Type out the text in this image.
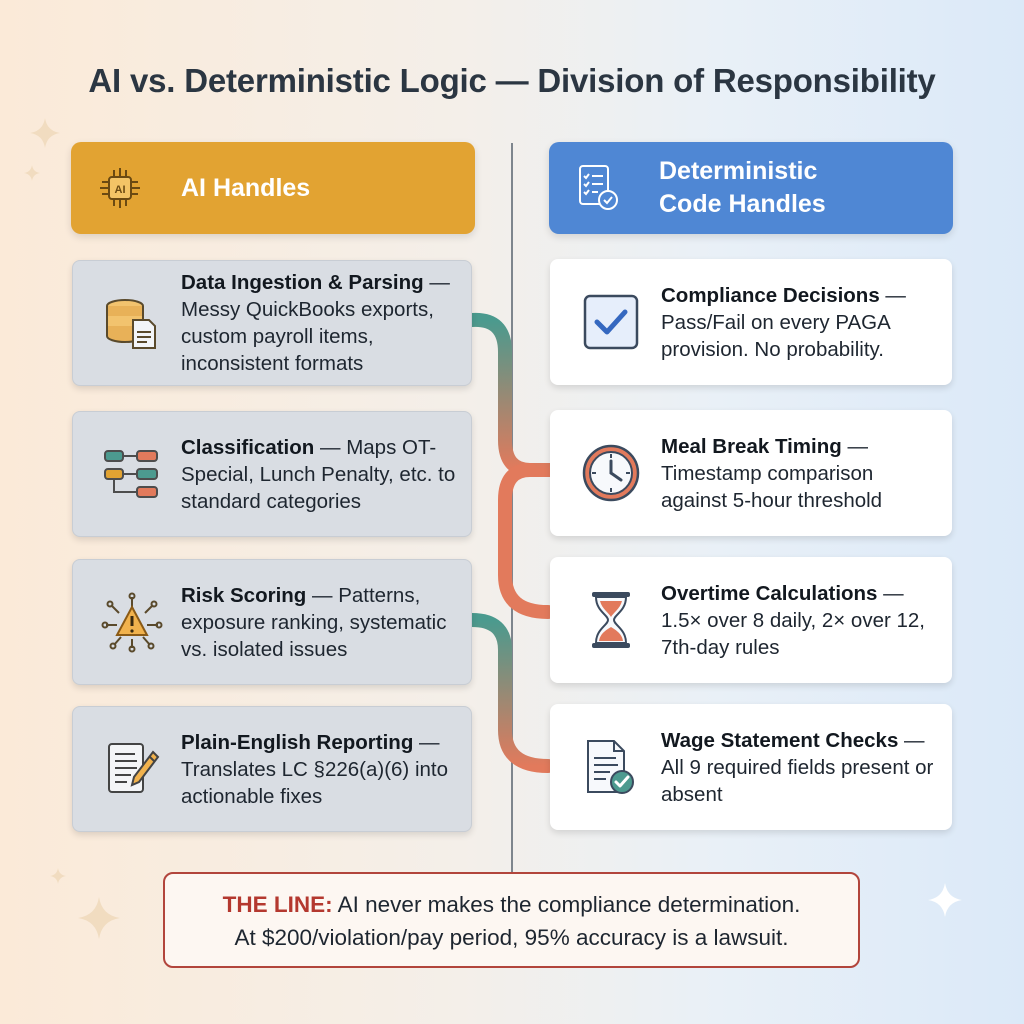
AI vs. Deterministic Logic — Division of Responsibility
AI AI Handles
Deterministic
Code Handles
Data Ingestion & Parsing — Messy QuickBooks exports, custom payroll items, inconsistent formats
Classification — Maps OT-Special, Lunch Penalty, etc. to standard categories
Risk Scoring — Patterns, exposure ranking, systematic vs. isolated issues
Plain-English Reporting — Translates LC §226(a)(6) into actionable fixes
Compliance Decisions — Pass/Fail on every PAGA provision. No probability.
Meal Break Timing — Timestamp comparison against 5-hour threshold
Overtime Calculations — 1.5× over 8 daily, 2× over 12, 7th-day rules
Wage Statement Checks — All 9 required fields present or absent
THE LINE: AI never makes the compliance determination.
At $200/violation/pay period, 95% accuracy is a lawsuit.
